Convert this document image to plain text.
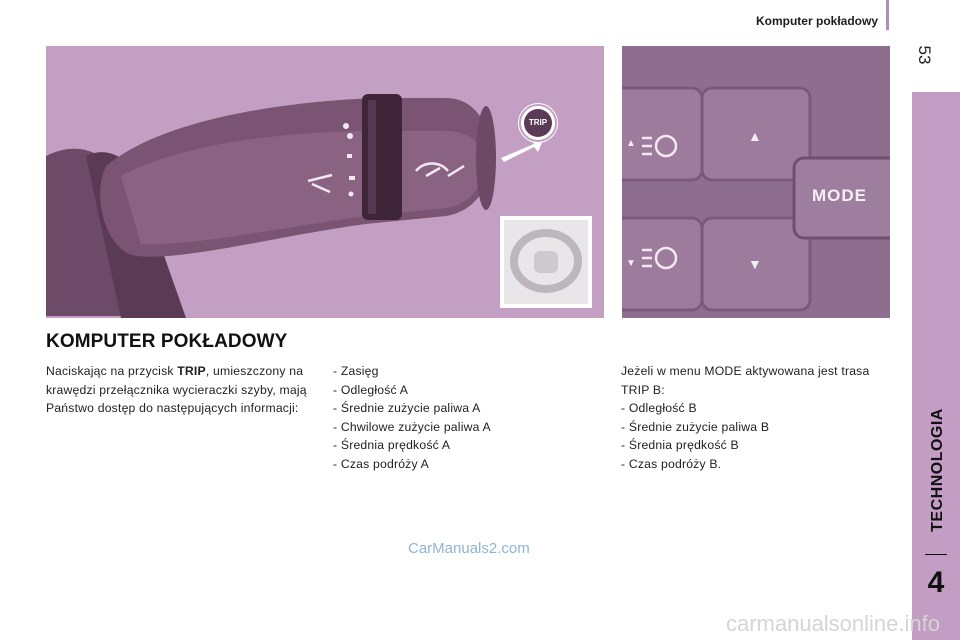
Komputer pokładowy
53
TECHNOLOGIA
4
TRIP
▲
▼
▲
▼
MODE
KOMPUTER POKŁADOWY

Naciskając na przycisk TRIP, umieszczony na krawędzi przełącznika wycieraczki szyby, mają Państwo dostęp do następujących informacji:

- Zasięg
- Odległość A
- Średnie zużycie paliwa A
- Chwilowe zużycie paliwa A
- Średnia prędkość A
- Czas podróży A

Jeżeli w menu MODE aktywowana jest trasa TRIP B:

- Odległość B
- Średnie zużycie paliwa B
- Średnia prędkość B
- Czas podróży B.
CarManuals2.com
carmanualsonline.info
